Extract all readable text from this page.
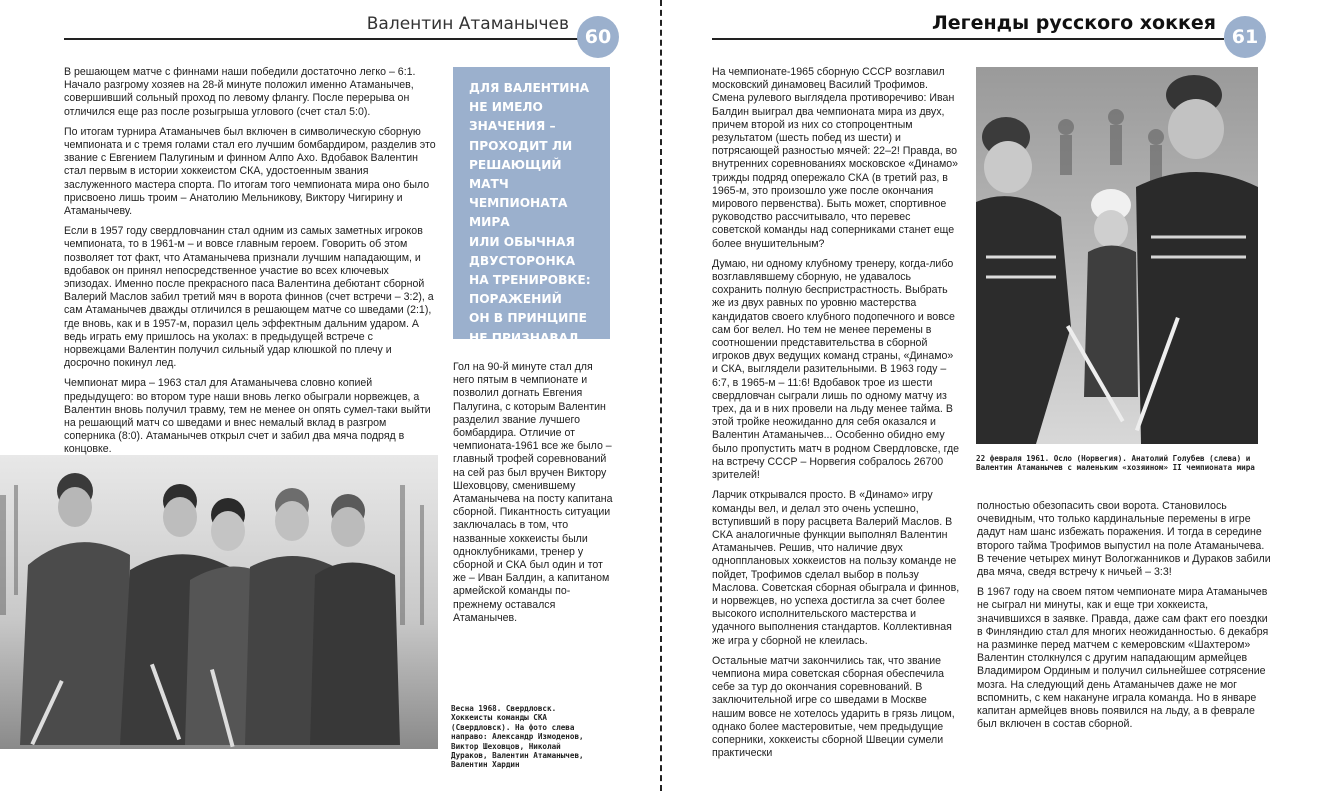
Валентин Атаманычев
60

В решающем матче с финнами наши победили достаточно легко – 6:1. Начало разгрому хозяев на 28-й минуте положил именно Атаманычев, совершивший сольный проход по левому флангу. После перерыва он отличился еще раз после розыгрыша углового (счет стал 5:0).

По итогам турнира Атаманычев был включен в символическую сборную чемпионата и с тремя голами стал его лучшим бомбардиром, разделив это звание с Евгением Палугиным и финном Алпо Ахо. Вдобавок Валентин стал первым в истории хоккеистом СКА, удостоенным звания заслуженного мастера спорта. По итогам того чемпионата мира оно было присвоено лишь троим – Анатолию Мельникову, Виктору Чигирину и Атаманычеву.

Если в 1957 году свердловчанин стал одним из самых заметных игроков чемпионата, то в 1961-м – и вовсе главным героем. Говорить об этом позволяет тот факт, что Атаманычева признали лучшим нападающим, и вдобавок он принял непосредственное участие во всех ключевых эпизодах. Именно после прекрасного паса Валентина дебютант сборной Валерий Маслов забил третий мяч в ворота финнов (счет встречи – 3:2), а сам Атаманычев дважды отличился в решающем матче со шведами (2:1), где вновь, как и в 1957-м, поразил цель эффектным дальним ударом. А ведь играть ему пришлось на уколах: в предыдущей встрече с норвежцами Валентин получил сильный удар клюшкой по плечу и досрочно покинул лед.

Чемпионат мира – 1963 стал для Атаманычева словно копией предыдущего: во втором туре наши вновь легко обыграли норвежцев, а Валентин вновь получил травму, тем не менее он опять сумел-таки выйти на решающий матч со шведами и внес немалый вклад в разгром соперника (8:0). Атаманычев открыл счет и забил два мяча подряд в концовке.

ДЛЯ ВАЛЕНТИНА
НЕ ИМЕЛО
ЗНАЧЕНИЯ –
ПРОХОДИТ ЛИ
РЕШАЮЩИЙ МАТЧ
ЧЕМПИОНАТА
МИРА
ИЛИ ОБЫЧНАЯ
ДВУСТОРОНКА
НА ТРЕНИРОВКЕ:
ПОРАЖЕНИЙ
ОН В ПРИНЦИПЕ
НЕ ПРИЗНАВАЛ

Гол на 90-й минуте стал для него пятым в чемпионате и позволил догнать Евгения Палугина, с которым Валентин разделил звание лучшего бомбардира. Отличие от чемпионата-1961 все же было – главный трофей соревнований на сей раз был вручен Виктору Шеховцову, сменившему Атаманычева на посту капитана сборной. Пикантность ситуации заключалась в том, что названные хоккеисты были одноклубниками, тренер у сборной и СКА был один и тот же – Иван Балдин, а капитаном армейской команды по-прежнему оставался Атаманычев.

Весна 1968. Свердловск. Хоккеисты команды СКА (Свердловск). На фото слева направо: Александр Измоденов, Виктор Шеховцов, Николай Дураков, Валентин Атаманычев, Валентин Хардин
Легенды русского хоккея
61

На чемпионате-1965 сборную СССР возглавил московский динамовец Василий Трофимов. Смена рулевого выглядела противоречиво: Иван Балдин выиграл два чемпионата мира из двух, причем второй из них со стопроцентным результатом (шесть побед из шести) и потрясающей разностью мячей: 22–2! Правда, во внутренних соревнованиях московское «Динамо» трижды подряд опережало СКА (в третий раз, в 1965-м, это произошло уже после окончания мирового первенства). Быть может, спортивное руководство рассчитывало, что перевес советской команды над соперниками станет еще более внушительным?

Думаю, ни одному клубному тренеру, когда-либо возглавлявшему сборную, не удавалось сохранить полную беспристрастность. Выбрать же из двух равных по уровню мастерства кандидатов своего клубного подопечного и вовсе сам бог велел. Но тем не менее перемены в соотношении представительства в сборной игроков двух ведущих команд страны, «Динамо» и СКА, выглядели разительными. В 1963 году – 6:7, в 1965-м – 11:6! Вдобавок трое из шести свердловчан сыграли лишь по одному матчу из трех, да и в них провели на льду менее тайма. В этой тройке неожиданно для себя оказался и Валентин Атаманычев... Особенно обидно ему было пропустить матч в родном Свердловске, где на встречу СССР – Норвегия собралось 26700 зрителей!

Ларчик открывался просто. В «Динамо» игру команды вел, и делал это очень успешно, вступивший в пору расцвета Валерий Маслов. В СКА аналогичные функции выполнял Валентин Атаманычев. Решив, что наличие двух однопплановых хоккеистов на пользу команде не пойдет, Трофимов сделал выбор в пользу Маслова. Советская сборная обыграла и финнов, и норвежцев, но успеха достигла за счет более высокого исполнительского мастерства и удачного выполнения стандартов. Коллективная же игра у сборной не клеилась.

Остальные матчи закончились так, что звание чемпиона мира советская сборная обеспечила себе за тур до окончания соревнований. В заключительной игре со шведами в Москве нашим вовсе не хотелось ударить в грязь лицом, однако более мастеровитые, чем предыдущие соперники, хоккеисты сборной Швеции сумели практически

22 февраля 1961. Осло (Норвегия). Анатолий Голубев (слева) и Валентин Атаманычев с маленьким «хозяином» II чемпионата мира

полностью обезопасить свои ворота. Становилось очевидным, что только кардинальные перемены в игре дадут нам шанс избежать поражения. И тогда в середине второго тайма Трофимов выпустил на поле Атаманычева. В течение четырех минут Вологжанников и Дураков забили два мяча, сведя встречу к ничьей – 3:3!

В 1967 году на своем пятом чемпионате мира Атаманычев не сыграл ни минуты, как и еще три хоккеиста, значившихся в заявке. Правда, даже сам факт его поездки в Финляндию стал для многих неожиданностью. 6 декабря на разминке перед матчем с кемеровским «Шахтером» Валентин столкнулся с другим нападающим армейцев Владимиром Ординым и получил сильнейшее сотрясение мозга. На следующий день Атаманычев даже не мог вспомнить, с кем накануне играла команда. Но в январе капитан армейцев вновь появился на льду, а в феврале был включен в состав сборной.
